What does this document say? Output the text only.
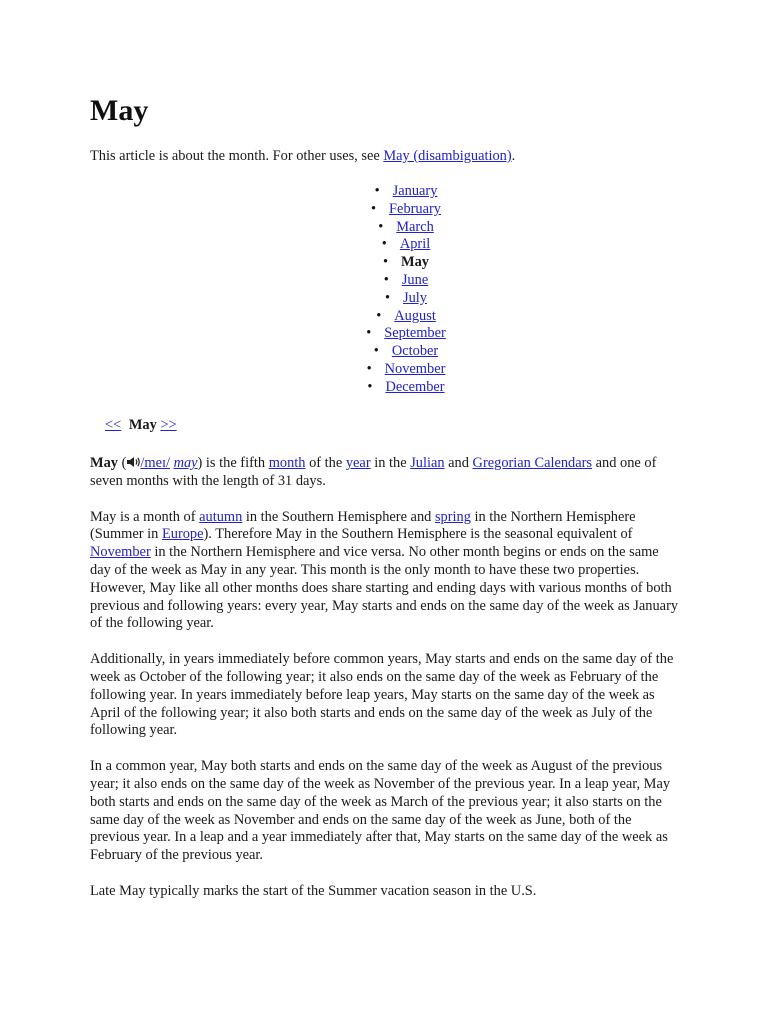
May

This article is about the month. For other uses, see May (disambiguation).

• January
• February
• March
• April
• May
• June
• July
• August
• September
• October
• November
• December
<< May >>

May ( /meɪ/ may) is the fifth month of the year in the Julian and Gregorian Calendars and one of seven months with the length of 31 days.

May is a month of autumn in the Southern Hemisphere and spring in the Northern Hemisphere (Summer in Europe). Therefore May in the Southern Hemisphere is the seasonal equivalent of November in the Northern Hemisphere and vice versa. No other month begins or ends on the same day of the week as May in any year. This month is the only month to have these two properties. However, May like all other months does share starting and ending days with various months of both previous and following years: every year, May starts and ends on the same day of the week as January of the following year.

Additionally, in years immediately before common years, May starts and ends on the same day of the week as October of the following year; it also ends on the same day of the week as February of the following year. In years immediately before leap years, May starts on the same day of the week as April of the following year; it also both starts and ends on the same day of the week as July of the following year.

In a common year, May both starts and ends on the same day of the week as August of the previous year; it also ends on the same day of the week as November of the previous year. In a leap year, May both starts and ends on the same day of the week as March of the previous year; it also starts on the same day of the week as November and ends on the same day of the week as June, both of the previous year. In a leap and a year immediately after that, May starts on the same day of the week as February of the previous year.

Late May typically marks the start of the Summer vacation season in the U.S.
